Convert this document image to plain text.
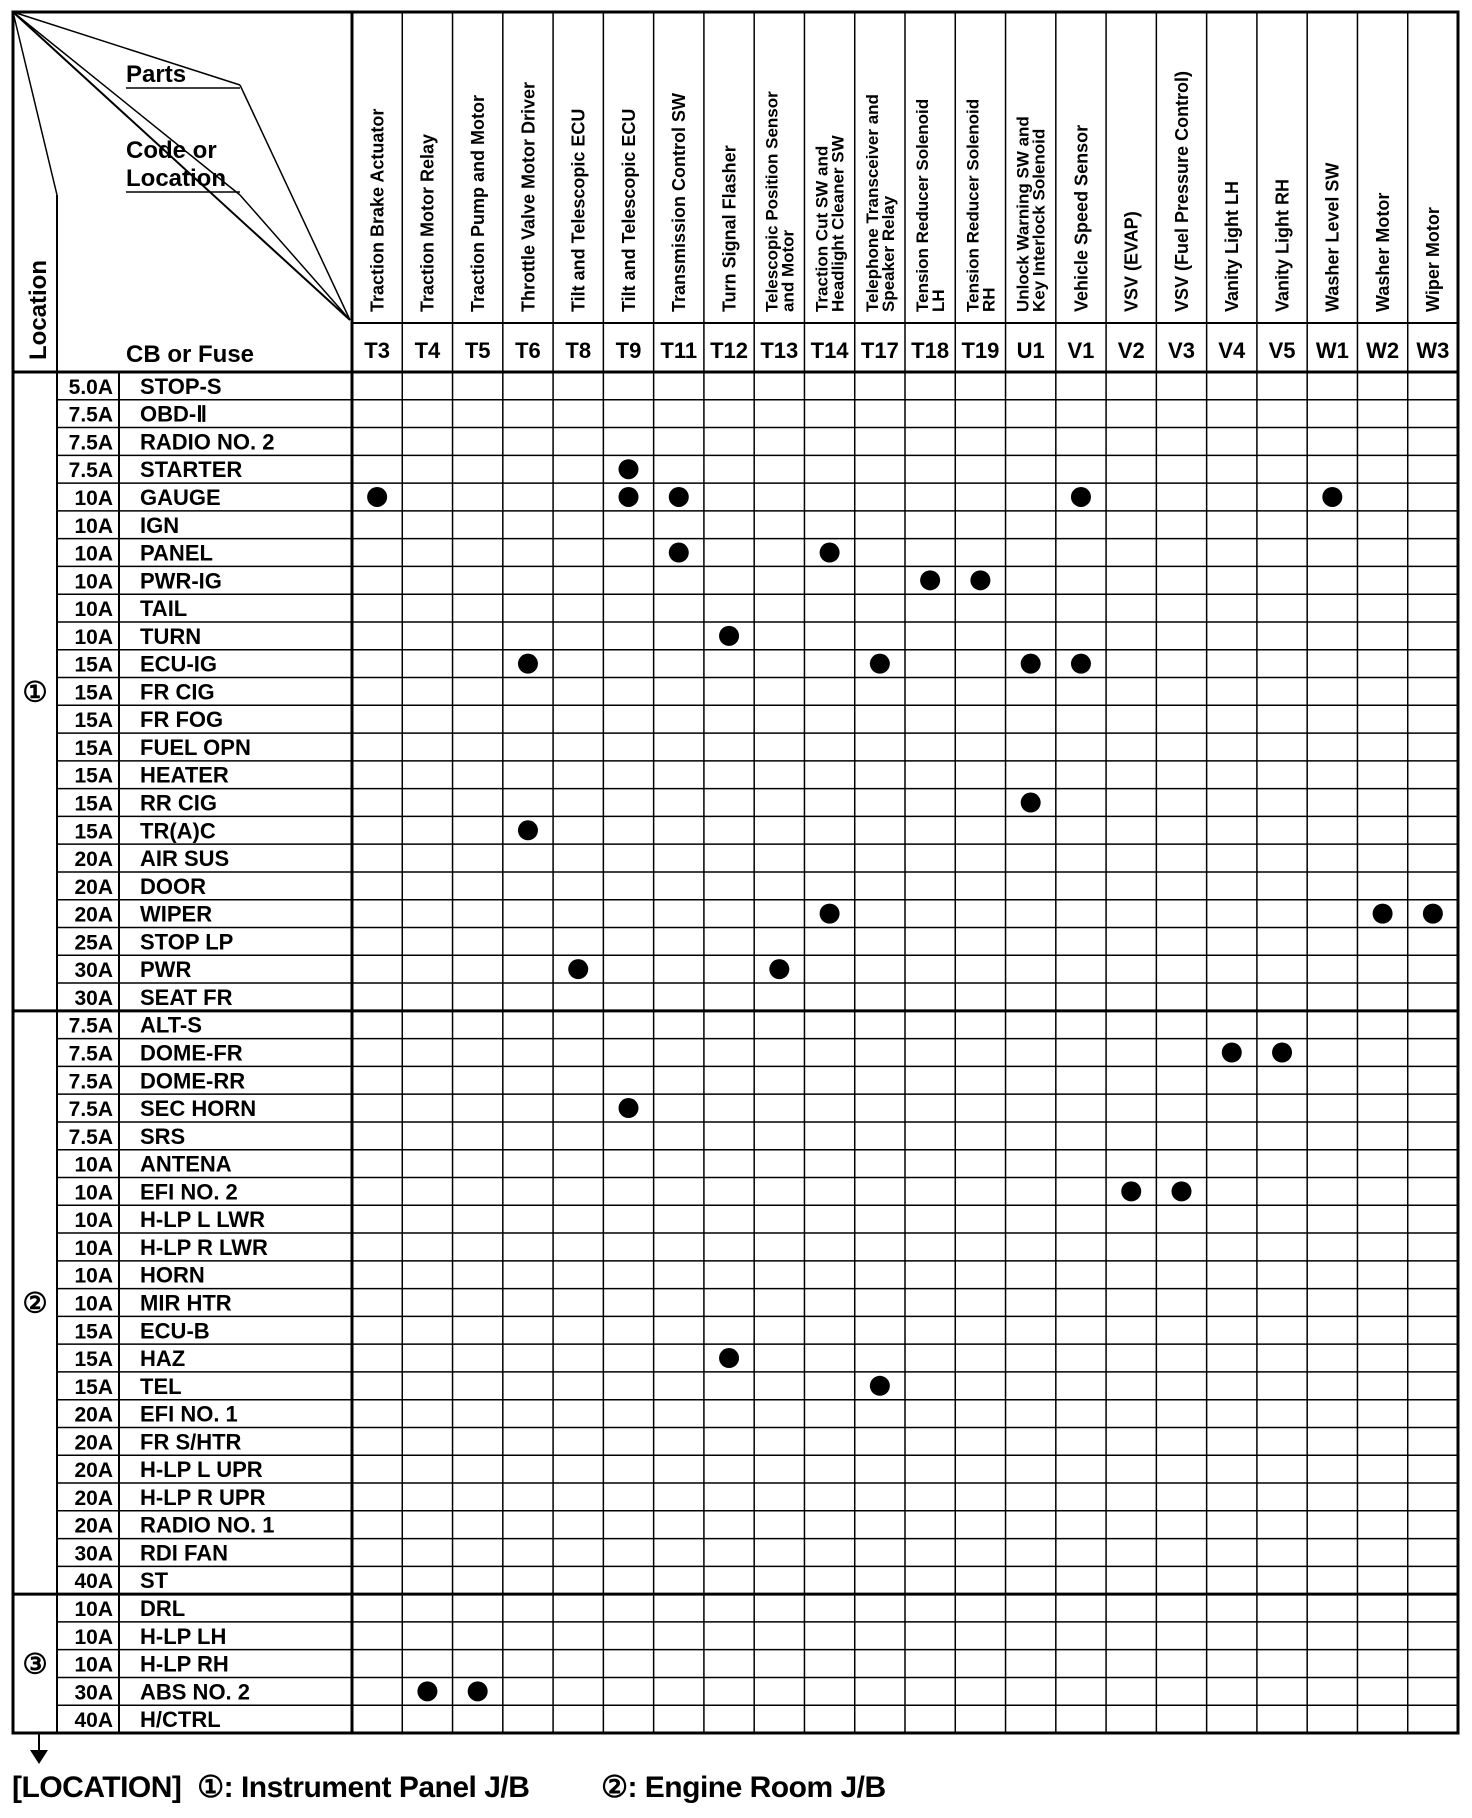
Parts
Code or
Location
CB or Fuse
Location	T3
Traction Brake Actuator
T4
Traction Motor Relay
T5
Traction Pump and Motor
T6
Throttle Valve Motor Driver
T8
Tilt and Telescopic ECU
T9
Tilt and Telescopic ECU
T11
Transmission Control SW
T12
Turn Signal Flasher
T13
Telescopic Position Sensor
and Motor
T14
Traction Cut SW and
Headlight Cleaner SW
T17
Telephone Transceiver and
Speaker Relay
T18
Tension Reducer Solenoid
LH
T19
Tension Reducer Solenoid
RH
U1
Unlock Warning SW and
Key Interlock Solenoid
V1
Vehicle Speed Sensor
V2
VSV (EVAP)
V3
VSV (Fuel Pressure Control)
V4
Vanity Light LH
V5
Vanity Light RH
W1
Washer Level SW
W2
Washer Motor
W3
Wiper Motor
5.0A STOP-S
7.5A OBD-Ⅱ
7.5A RADIO NO. 2
7.5A STARTER
10A GAUGE
10A IGN
10A PANEL
10A PWR-IG
10A TAIL
10A TURN
15A ECU-IG
15A FR CIG
15A FR FOG
15A FUEL OPN
15A HEATER
15A RR CIG
15A TR(A)C
20A AIR SUS
20A DOOR
20A WIPER
25A STOP LP
30A PWR
30A SEAT FR
①
7.5A ALT-S
7.5A DOME-FR
7.5A DOME-RR
7.5A SEC HORN
7.5A SRS
10A ANTENA
10A EFI NO. 2
10A H-LP L LWR
10A H-LP R LWR
10A HORN
10A MIR HTR
15A ECU-B
15A HAZ
15A TEL
20A EFI NO. 1
20A FR S/HTR
20A H-LP L UPR
20A H-LP R UPR
20A RADIO NO. 1
30A RDI FAN
40A ST
②
10A DRL
10A H-LP LH
10A H-LP RH
30A ABS NO. 2
40A H/CTRL
③
[LOCATION] ①: Instrument Panel J/B ②: Engine Room J/B
